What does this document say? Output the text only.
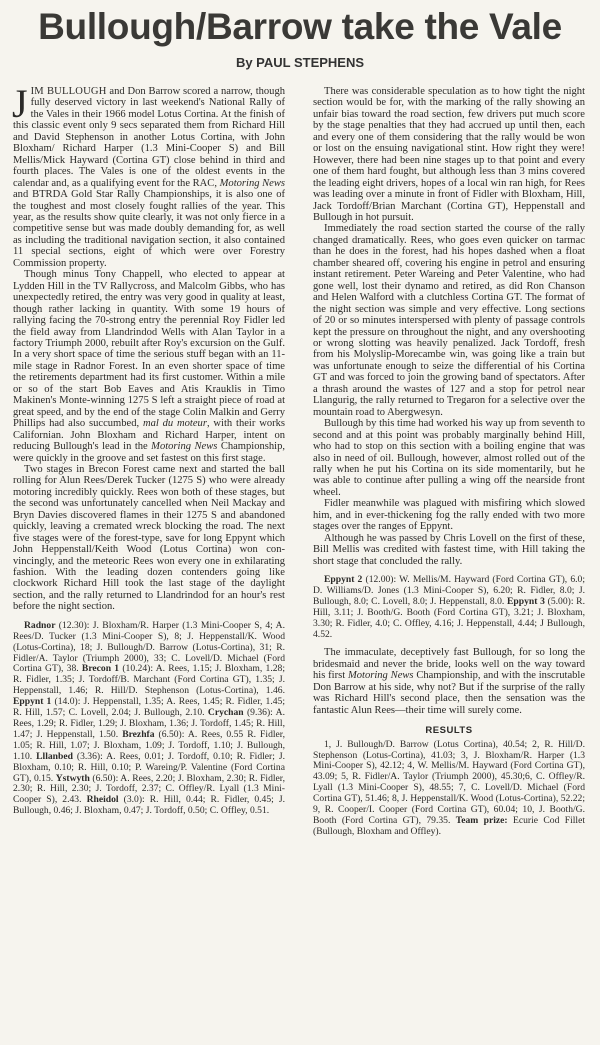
Bullough/Barrow take the Vale
By PAUL STEPHENS

JIM BULLOUGH and Don Barrow scored a narrow, though fully deserved victory in last weekend's National Rally of the Vales in their 1966 model Lotus Cortina. At the finish of this classic event only 9 secs separated them from Richard Hill and David Stephenson in another Lotus Cortina, with John Bloxham/ Richard Harper (1.3 Mini-Cooper S) and Bill Mellis/Mick Hayward (Cortina GT) close behind in third and fourth places. The Vales is one of the oldest events in the calendar and, as a qualifying event for the RAC, Motoring News and BTRDA Gold Star Rally Championships, it is also one of the toughest and most closely fought rallies of the year. This year, as the results show quite clearly, it was not only fierce in a competitive sense but was made doubly demanding for, as well as including the traditional navigation section, it also contained 11 special sections, eight of which were over Forestry Commission property.

Though minus Tony Chappell, who elected to appear at Lydden Hill in the TV Rallycross, and Malcolm Gibbs, who has unexpectedly retired, the entry was very good in quality at least, though rather lacking in quantity. With some 19 hours of rallying facing the 70-strong entry the perennial Roy Fidler led the field away from Llandrindod Wells with Alan Taylor in a factory Triumph 2000, rebuilt after Roy's excursion on the Gulf. In a very short space of time the serious stuff began with an 11-mile stage in Radnor Forest. In an even shorter space of time the retirements department had its first customer. Within a mile or so of the start Bob Eaves and Atis Krauklis in Timo Makinen's Monte-winning 1275 S left a straight piece of road at great speed, and by the end of the stage Colin Malkin and Gerry Phillips had also succumbed, mal du moteur, with their works Californian. John Bloxham and Richard Harper, intent on reducing Bullough's lead in the Motoring News Championship, were quickly in the groove and set fastest on this first stage.

Two stages in Brecon Forest came next and started the ball rolling for Alun Rees/Derek Tucker (1275 S) who were already motoring incredibly quickly. Rees won both of these stages, but the second was unfortunately cancelled when Neil Mackay and Bryn Davies discovered flames in their 1275 S and abandoned quickly, leaving a cremated wreck blocking the road. The next five stages were of the forest-type, save for long Eppynt which John Heppenstall/Keith Wood (Lotus Cortina) won convincingly, and the meteoric Rees won every one in exhilarating fashion. With the leading dozen contenders going like clockwork Richard Hill took the last stage of the daylight section, and the rally returned to Llandrindod for an hour's rest before the night section.

Radnor (12.30): J. Bloxham/R. Harper (1.3 Mini-Cooper S, 4; A. Rees/D. Tucker (1.3 Mini-Cooper S), 8; J. Heppenstall/K. Wood (Lotus-Cortina), 18; J. Bullough/D. Barrow (Lotus-Cortina), 31; R. Fidler/A. Taylor (Triumph 2000), 33; C. Lovell/D. Michael (Ford Cortina GT), 38. Brecon 1 (10.24): A. Rees, 1.15; J. Bloxham, 1.28; R. Fidler, 1.35; J. Tordoff/B. Marchant (Ford Cortina GT), 1.35; J. Heppenstall, 1.46; R. Hill/D. Stephenson (Lotus-Cortina), 1.46. Eppynt 1 (14.0): J. Heppenstall, 1.35; A. Rees, 1.45; R. Fidler, 1.45; R. Hill, 1.57; C. Lovell, 2.04; J. Bullough, 2.10. Crychan (9.36): A. Rees, 1.29; R. Fidler, 1.29; J. Bloxham, 1.36; J. Tordoff, 1.45; R. Hill, 1.47; J. Heppenstall, 1.50. Brezhfa (6.50): A. Rees, 0.55 R. Fidler, 1.05; R. Hill, 1.07; J. Bloxham, 1.09; J. Tordoff, 1.10; J. Bullough, 1.10. Lllanbed (3.36): A. Rees, 0.01; J. Tordoff, 0.10; R. Fidler; J. Bloxham, 0.10; R. Hill, 0.10; P. Wareing/P. Valentine (Ford Cortina GT), 0.15. Ystwyth (6.50): A. Rees, 2.20; J. Bloxham, 2.30; R. Fidler, 2.30; R. Hill, 2.30; J. Tordoff, 2.37; C. Offley/R. Lyall (1.3 Mini-Cooper S), 2.43. Rheidol (3.0): R. Hill, 0.44; R. Fidler, 0.45; J. Bullough, 0.46; J. Bloxham, 0.47; J. Tordoff, 0.50; C. Offley, 0.51.

There was considerable speculation as to how tight the night section would be for, with the marking of the rally showing an unfair bias toward the road section, few drivers put much score by the stage penalties that they had accrued up until then, each and every one of them considering that the rally would be won or lost on the ensuing navigational stint. How right they were! However, there had been nine stages up to that point and every one of them hard fought, but although less than 3 mins covered the leading eight drivers, hopes of a local win ran high, for Rees was leading over a minute in front of Fidler with Bloxham, Hill, Jack Tordoff/Brian Marchant (Cortina GT), Heppenstall and Bullough in hot pursuit.

Immediately the road section started the course of the rally changed dramatically. Rees, who goes even quicker on tarmac than he does in the forest, had his hopes dashed when a float chamber sheared off, covering his engine in petrol and ensuring instant retirement. Peter Wareing and Peter Valentine, who had gone well, lost their dynamo and retired, as did Ron Chanson and Helen Walford with a clutchless Cortina GT. The format of the night section was simple and very effective. Long sections of 20 or so minutes interspersed with plenty of passage controls kept the pressure on throughout the night, and any overshooting or wrong slotting was heavily penalized. Jack Tordoff, fresh from his Molyslip-Morecambe win, was going like a train but was unfortunate enough to seize the differential of his Cortina GT and was forced to join the growing band of spectators. After a thrash around the wastes of 127 and a stop for petrol near Llangurig, the rally returned to Tregaron for a selective over the mountain road to Abergwesyn.

Bullough by this time had worked his way up from seventh to second and at this point was probably marginally behind Hill, who had to stop on this section with a boiling engine that was also in need of oil. Bullough, however, almost rolled out of the rally when he put his Cortina on its side momentarily, but he was able to continue after pulling a wing off the nearside front wheel.

Fidler meanwhile was plagued with misfiring which slowed him, and in ever-thickening fog the rally ended with two more stages over the ranges of Eppynt.

Although he was passed by Chris Lovell on the first of these, Bill Mellis was credited with fastest time, with Hill taking the short stage that concluded the rally.

Eppynt 2 (12.00): W. Mellis/M. Hayward (Ford Cortina GT), 6.0; D. Williams/D. Jones (1.3 Mini-Cooper S), 6.20; R. Fidler, 8.0; J. Bullough, 8.0; C. Lovell, 8.0; J. Heppenstall, 8.0. Eppynt 3 (5.00): R. Hill, 3.11; J. Booth/G. Booth (Ford Cortina GT), 3.21; J. Bloxham, 3.30; R. Fidler, 4.0; C. Offley, 4.16; J. Heppenstall, 4.44; J Bullough, 4.52.

The immaculate, deceptively fast Bullough, for so long the bridesmaid and never the bride, looks well on the way toward his first Motoring News Championship, and with the inscrutable Don Barrow at his side, why not? But if the surprise of the rally was Richard Hill's second place, then the sensation was the fantastic Alun Rees—their time will surely come.

RESULTS

1, J. Bullough/D. Barrow (Lotus Cortina), 40.54; 2, R. Hill/D. Stephenson (Lotus-Cortina), 41.03; 3, J. Bloxham/R. Harper (1.3 Mini-Cooper S), 42.12; 4, W. Mellis/M. Hayward (Ford Cortina GT), 43.09; 5, R. Fidler/A. Taylor (Triumph 2000), 45.30;6, C. Offley/R. Lyall (1.3 Mini-Cooper S), 48.55; 7, C. Lovell/D. Michael (Ford Cortina GT), 51.46; 8, J. Heppenstall/K. Wood (Lotus-Cortina), 52.22; 9, R. Cooper/I. Cooper (Ford Cortina GT), 60.04; 10, J. Booth/G. Booth (Ford Cortina GT), 79.35. Team prize: Ecurie Cod Fillet (Bullough, Bloxham and Offley).
